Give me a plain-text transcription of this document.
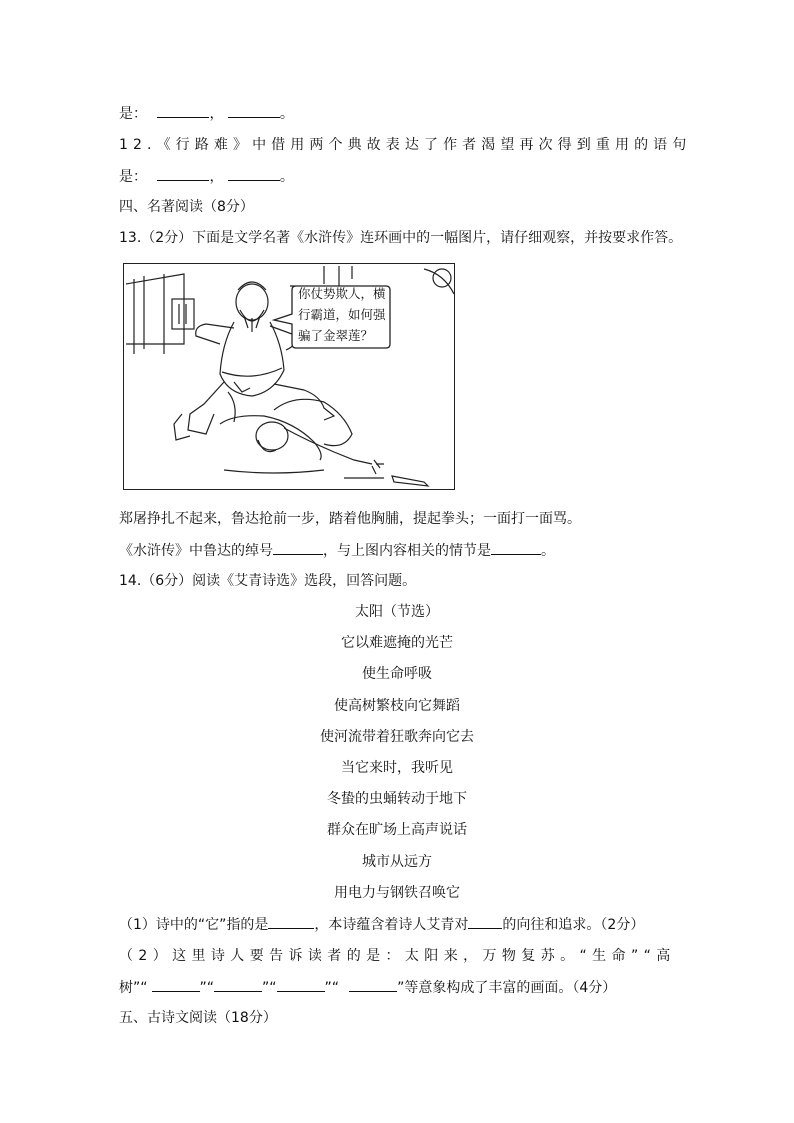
是：	，	。
12.《行路难》中借用两个典故表达了作者渴望再次得到重用的语句
是：	，	。
四、名著阅读（8分）
13.（2分）下面是文学名著《水浒传》连环画中的一幅图片，请仔细观察，并按要求作答。
你仗势欺人，横行霸道，如何强骗了金翠莲？
郑屠挣扎不起来，鲁达抢前一步，踏着他胸脯，提起拳头；一面打一面骂。
《水浒传》中鲁达的绰号	，与上图内容相关的情节是	。
14.（6分）阅读《艾青诗选》选段，回答问题。
太阳（节选）
它以难遮掩的光芒
使生命呼吸
使高树繁枝向它舞蹈
使河流带着狂歌奔向它去
当它来时，我听见
冬蛰的虫蛹转动于地下
群众在旷场上高声说话
城市从远方
用电力与钢铁召唤它
（1）诗中的“它”指的是	，本诗蕴含着诗人艾青对 的向往和追求。（2分）
（2）这里诗人要告诉读者的是：太阳来，万物复苏。“生命”“高
树”“	”“	”“	”“	”等意象构成了丰富的画面。（4分）
五、古诗文阅读（18分）
